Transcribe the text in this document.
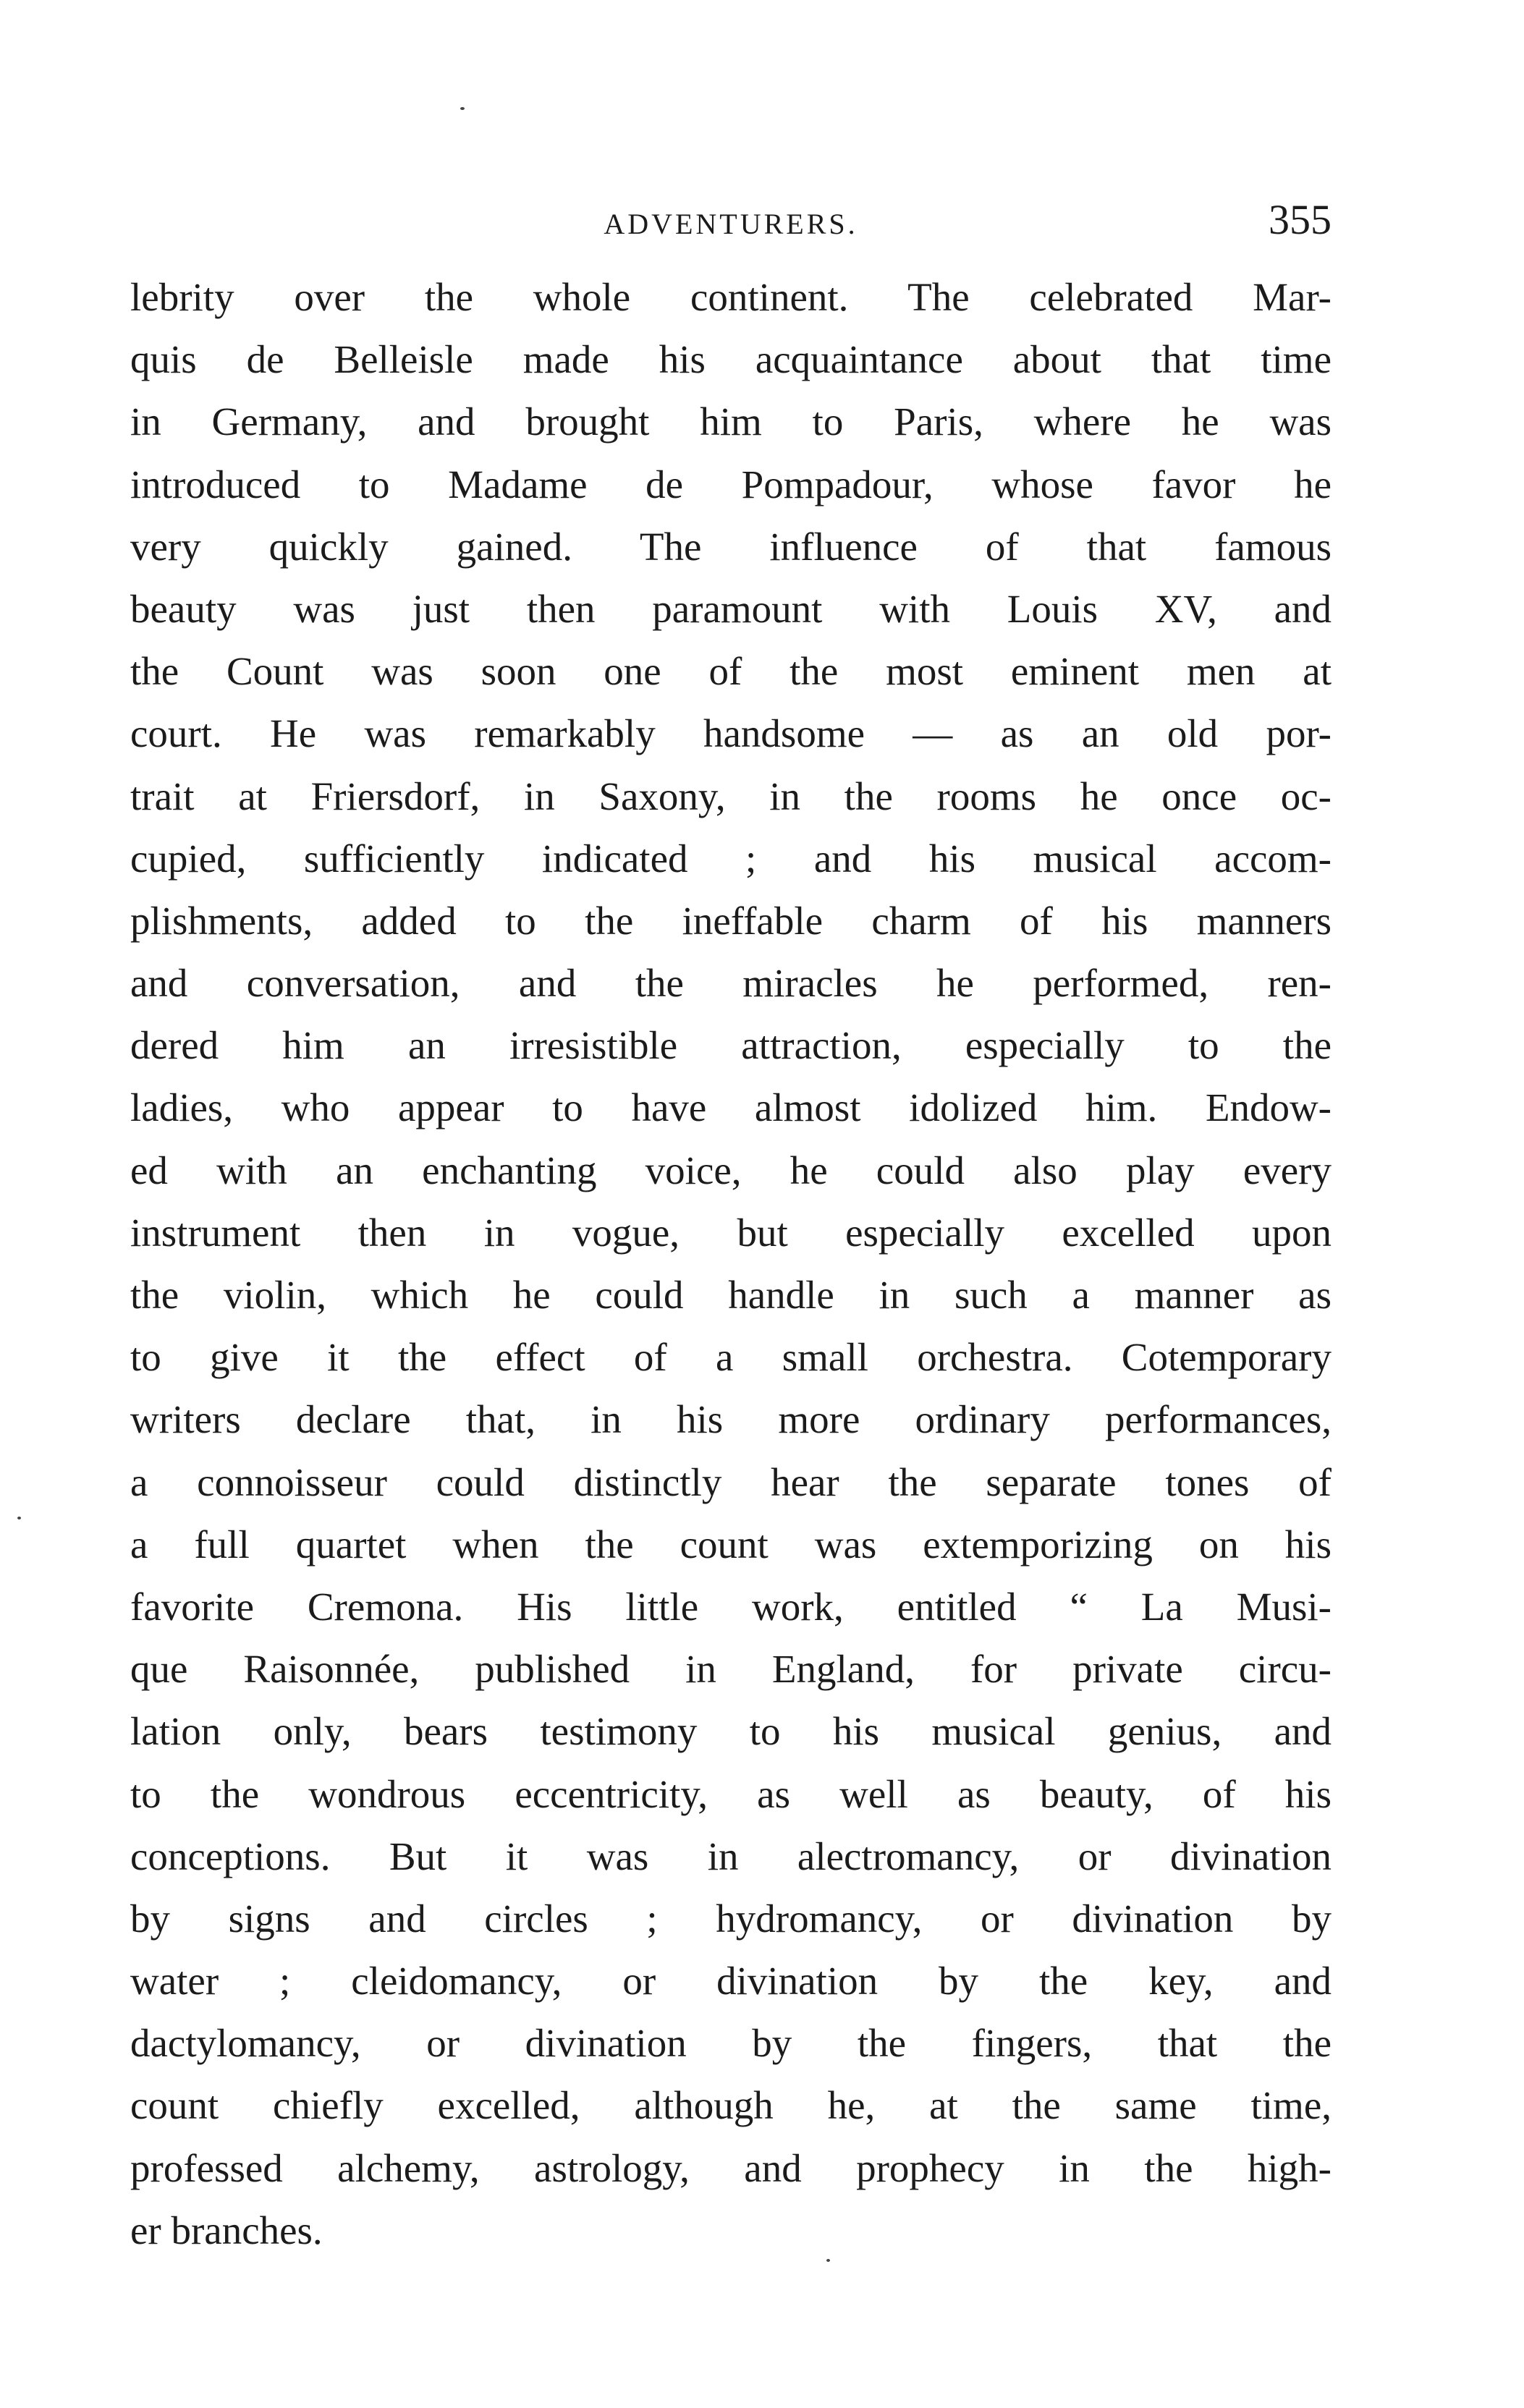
ADVENTURERS.	355
lebrity over the whole continent. The celebrated Mar-
quis de Belleisle made his acquaintance about that time
in Germany, and brought him to Paris, where he was
introduced to Madame de Pompadour, whose favor he
very quickly gained. The influence of that famous
beauty was just then paramount with Louis XV, and
the Count was soon one of the most eminent men at
court. He was remarkably handsome — as an old por-
trait at Friersdorf, in Saxony, in the rooms he once oc-
cupied, sufficiently indicated ; and his musical accom-
plishments, added to the ineffable charm of his manners
and conversation, and the miracles he performed, ren-
dered him an irresistible attraction, especially to the
ladies, who appear to have almost idolized him. Endow-
ed with an enchanting voice, he could also play every
instrument then in vogue, but especially excelled upon
the violin, which he could handle in such a manner as
to give it the effect of a small orchestra. Cotemporary
writers declare that, in his more ordinary performances,
a connoisseur could distinctly hear the separate tones of
a full quartet when the count was extemporizing on his
favorite Cremona. His little work, entitled “ La Musi-
que Raisonnée, published in England, for private circu-
lation only, bears testimony to his musical genius, and
to the wondrous eccentricity, as well as beauty, of his
conceptions. But it was in alectromancy, or divination
by signs and circles ; hydromancy, or divination by
water ; cleidomancy, or divination by the key, and
dactylomancy, or divination by the fingers, that the
count chiefly excelled, although he, at the same time,
professed alchemy, astrology, and prophecy in the high-
er branches.
